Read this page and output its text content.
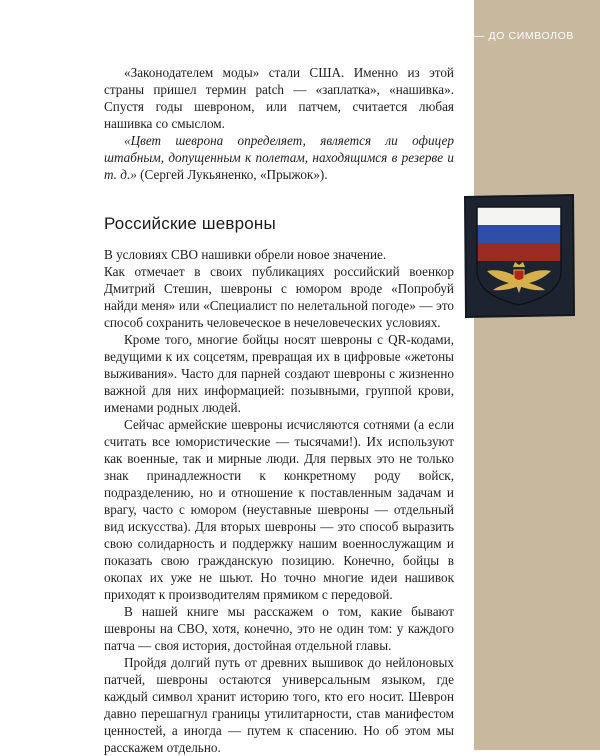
ШЕВРОНЫ: ОТ АРТЕФАКТОВ — ДО СИМВОЛОВ

«Законодателем моды» стали США. Именно из этой страны пришел термин patch — «заплатка», «нашивка». Спустя годы шевроном, или патчем, считается любая нашивка со смыслом.

«Цвет шеврона определяет, является ли офицер штабным, допущенным к полетам, находящимся в резерве и т. д.» (Сергей Лукьяненко, «Прыжок»).

Российские шевроны

В условиях СВО нашивки обрели новое значение.

Как отмечает в своих публикациях российский военкор Дмитрий Стешин, шевроны с юмором вроде «Попробуй найди меня» или «Специалист по нелетальной погоде» — это способ сохранить человеческое в нечеловеческих условиях.

Кроме того, многие бойцы носят шевроны с QR-кодами, ведущими к их соцсетям, превращая их в цифровые «жетоны выживания». Часто для парней создают шевроны с жизненно важной для них информацией: позывными, группой крови, именами родных людей.

Сейчас армейские шевроны исчисляются сотнями (а если считать все юмористические — тысячами!). Их используют как военные, так и мирные люди. Для первых это не только знак принадлежности к конкретному роду войск, подразделению, но и отношение к поставленным задачам и врагу, часто с юмором (неуставные шевроны — отдельный вид искусства). Для вторых шевроны — это способ выразить свою солидарность и поддержку нашим военнослужащим и показать свою гражданскую позицию. Конечно, бойцы в окопах их уже не шьют. Но точно многие идеи нашивок приходят к производителям прямиком с передовой.

В нашей книге мы расскажем о том, какие бывают шевроны на СВО, хотя, конечно, это не один том: у каждого патча — своя история, достойная отдельной главы.

Пройдя долгий путь от древних вышивок до нейлоновых патчей, шевроны остаются универсальным языком, где каждый символ хранит историю того, кто его носит. Шеврон давно перешагнул границы утилитарности, став манифестом ценностей, а иногда — путем к спасению. Но об этом мы расскажем отдельно.
